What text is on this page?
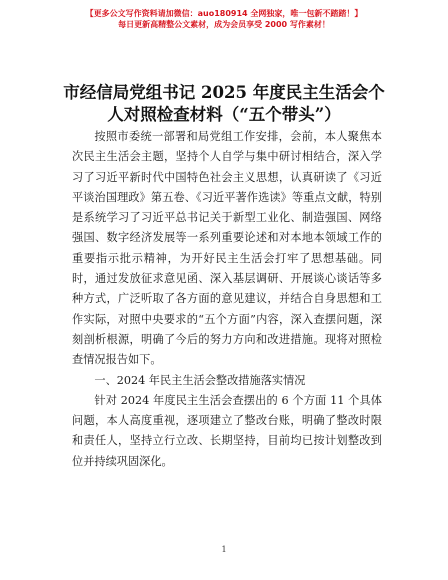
【更多公文写作资料请加微信：auo180914 全网独家，唯一包新不踏踏！】
每日更新高精整公文素材，成为会员享受 2000 写作素材！
市经信局党组书记 2025 年度民主生活会个人对照检查材料（“五个带头”）

按照市委统一部署和局党组工作安排，会前，本人聚焦本次民主生活会主题，坚持个人自学与集中研讨相结合，深入学习了习近平新时代中国特色社会主义思想，认真研读了《习近平谈治国理政》第五卷、《习近平著作选读》等重点文献，特别是系统学习了习近平总书记关于新型工业化、制造强国、网络强国、数字经济发展等一系列重要论述和对本地本领域工作的重要指示批示精神，为开好民主生活会打牢了思想基础。同时，通过发放征求意见函、深入基层调研、开展谈心谈话等多种方式，广泛听取了各方面的意见建议，并结合自身思想和工作实际，对照中央要求的“五个方面”内容，深入查摆问题，深刻剖析根源，明确了今后的努力方向和改进措施。现将对照检查情况报告如下。

一、2024 年民主生活会整改措施落实情况

针对 2024 年度民主生活会查摆出的 6 个方面 11 个具体问题，本人高度重视，逐项建立了整改台账，明确了整改时限和责任人，坚持立行立改、长期坚持，目前均已按计划整改到位并持续巩固深化。

1
